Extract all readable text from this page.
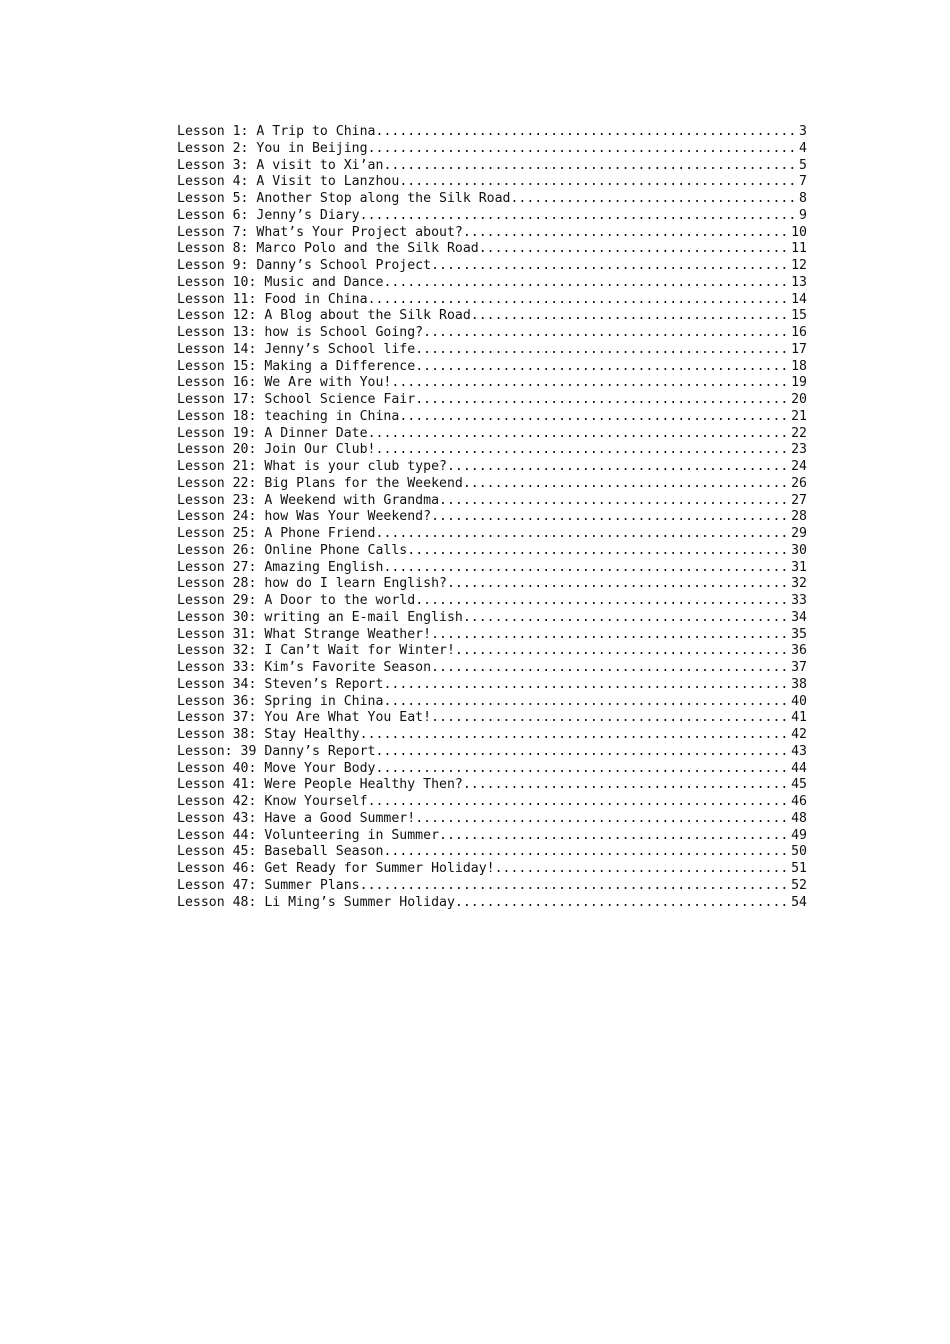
Lesson 1: A Trip to China .....	3
Lesson 2: You in Beijing .....	4
Lesson 3: A visit to Xi’an .....	5
Lesson 4: A Visit to Lanzhou .....	7
Lesson 5: Another Stop along the Silk Road .....	8
Lesson 6: Jenny’s Diary .....	9
Lesson 7: What’s Your Project about? .....	10
Lesson 8: Marco Polo and the Silk Road .....	11
Lesson 9: Danny’s School Project .....	12
Lesson 10: Music and Dance .....	13
Lesson 11: Food in China .....	14
Lesson 12: A Blog about the Silk Road .....	15
Lesson 13: how is School Going? .....	16
Lesson 14: Jenny’s School life .....	17
Lesson 15: Making a Difference .....	18
Lesson 16: We Are with You! .....	19
Lesson 17: School Science Fair .....	20
Lesson 18: teaching in China .....	21
Lesson 19: A Dinner Date .....	22
Lesson 20: Join Our Club! .....	23
Lesson 21: What is your club type? .....	24
Lesson 22: Big Plans for the Weekend .....	26
Lesson 23: A Weekend with Grandma .....	27
Lesson 24: how Was Your Weekend? .....	28
Lesson 25: A Phone Friend .....	29
Lesson 26: Online Phone Calls .....	30
Lesson 27: Amazing English .....	31
Lesson 28: how do I learn English? .....	32
Lesson 29: A Door to the world .....	33
Lesson 30: writing an E-mail English .....	34
Lesson 31: What Strange Weather! .....	35
Lesson 32: I Can’t Wait for Winter! .....	36
Lesson 33: Kim’s Favorite Season .....	37
Lesson 34: Steven’s Report .....	38
Lesson 36: Spring in China .....	40
Lesson 37: You Are What You Eat! .....	41
Lesson 38: Stay Healthy .....	42
Lesson: 39 Danny’s Report .....	43
Lesson 40: Move Your Body .....	44
Lesson 41: Were People Healthy Then? .....	45
Lesson 42: Know Yourself .....	46
Lesson 43: Have a Good Summer! .....	48
Lesson 44: Volunteering in Summer .....	49
Lesson 45: Baseball Season .....	50
Lesson 46: Get Ready for Summer Holiday! .....	51
Lesson 47: Summer Plans .....	52
Lesson 48: Li Ming’s Summer Holiday .....	54
